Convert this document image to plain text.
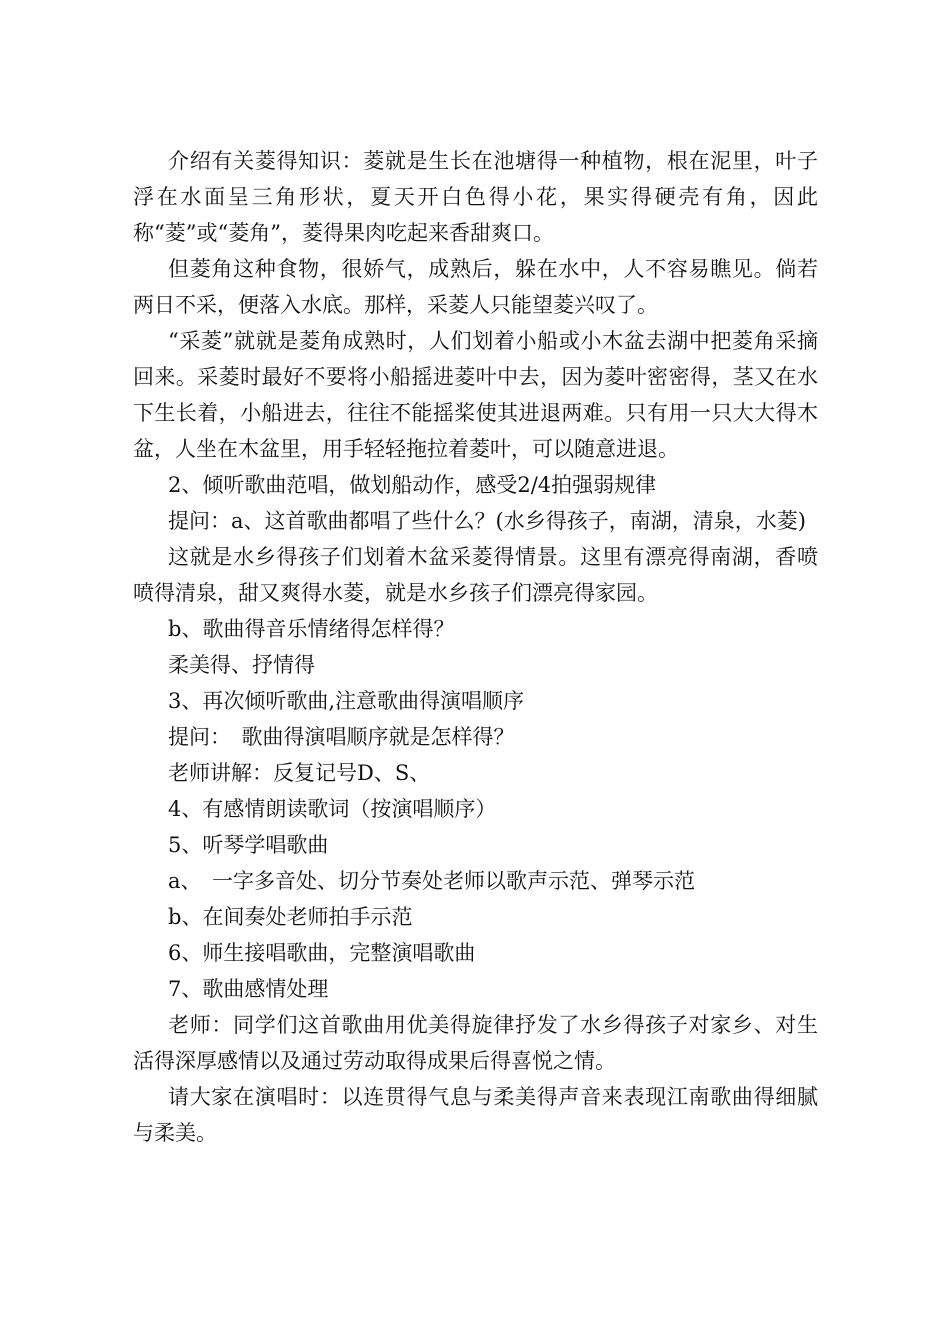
介绍有关菱得知识：菱就是生长在池塘得一种植物，根在泥里，叶子浮在水面呈三角形状，夏天开白色得小花，果实得硬壳有角，因此称“菱”或“菱角”，菱得果肉吃起来香甜爽口。

但菱角这种食物，很娇气，成熟后，躲在水中，人不容易瞧见。倘若两日不采，便落入水底。那样，采菱人只能望菱兴叹了。

“采菱”就就是菱角成熟时，人们划着小船或小木盆去湖中把菱角采摘回来。采菱时最好不要将小船摇进菱叶中去，因为菱叶密密得，茎又在水下生长着，小船进去，往往不能摇桨使其进退两难。只有用一只大大得木盆，人坐在木盆里，用手轻轻拖拉着菱叶，可以随意进退。

2、倾听歌曲范唱，做划船动作，感受2/4拍强弱规律

提问：a、这首歌曲都唱了些什么？(水乡得孩子，南湖，清泉，水菱)

这就是水乡得孩子们划着木盆采菱得情景。这里有漂亮得南湖，香喷喷得清泉，甜又爽得水菱，就是水乡孩子们漂亮得家园。

b、歌曲得音乐情绪得怎样得？

柔美得、抒情得

3、再次倾听歌曲,注意歌曲得演唱顺序

提问：　歌曲得演唱顺序就是怎样得？

老师讲解：反复记号D、S、

4、有感情朗读歌词（按演唱顺序）

5、听琴学唱歌曲

a、　一字多音处、切分节奏处老师以歌声示范、弹琴示范

b、在间奏处老师拍手示范

6、师生接唱歌曲，完整演唱歌曲

7、歌曲感情处理

老师：同学们这首歌曲用优美得旋律抒发了水乡得孩子对家乡、对生活得深厚感情以及通过劳动取得成果后得喜悦之情。

请大家在演唱时：以连贯得气息与柔美得声音来表现江南歌曲得细腻与柔美。
